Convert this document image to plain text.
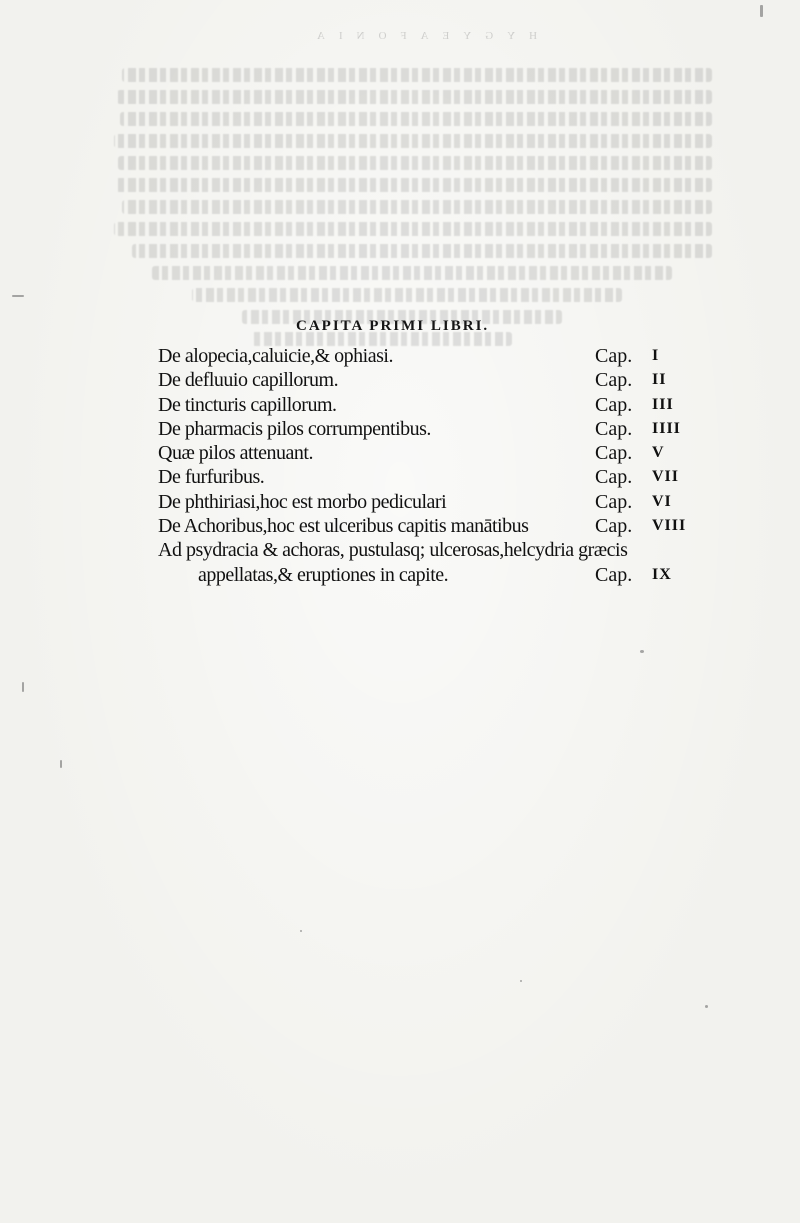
HYGYEAFONIA
CAPITA PRIMI LIBRI.
De alopecia,caluicie,& ophiasi.	Cap. I
De defluuio capillorum.	Cap. II
De tincturis capillorum.	Cap. III
De pharmacis pilos corrumpentibus.	Cap. IIII
Quæ pilos attenuant.	Cap. V
De furfuribus.	Cap. VII
De phthiriasi,hoc est morbo pediculari	Cap. VI
De Achoribus,hoc est ulceribus capitis manātibus	Cap. VIII
Ad psydracia & achoras, pustulasq; ulcerosas,helcydria græcis
appellatas,& eruptiones in capite.	Cap. IX
